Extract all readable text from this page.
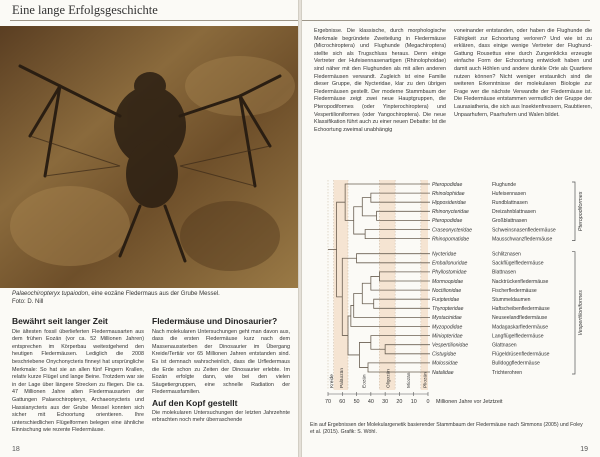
Eine lange Erfolgsgeschichte
Palaeochiropteryx tupaiodon, eine eozäne Fledermaus aus der Grube Messel.
Foto: D. Nill
Bewährt seit langer Zeit
Die ältesten fossil überlieferten Fledermausarten aus dem frühen Eozän (vor ca. 52 Millionen Jahren) entsprechen im Körperbau weitestgehend den heutigen Fledermäusen. Lediglich die 2008 beschriebene Onychonycteris finneyi hat ursprüngliche Merkmale: So hat sie an allen fünf Fingern Krallen, relativ kurze Flügel und lange Beine. Trotzdem war sie in der Lage über längere Strecken zu fliegen. Die ca. 47 Millionen Jahre alten Fledermausarten der Gattungen Palaeochiropteryx, Archaeonycteris und Hassianycteris aus der Grube Messel konnten sich sicher mit Echoortung orientieren. Ihre unterschiedlichen Flügelformen belegen eine ähnliche Einnischung wie rezente Fledermäuse.
Fledermäuse und Dinosaurier?
Nach molekularen Untersuchungen geht man davon aus, dass die ersten Fledermäuse kurz nach dem Massenaussterben der Dinosaurier im Übergang Kreide/Tertiär vor 65 Millionen Jahren entstanden sind. Es ist demnach wahrscheinlich, dass die Urfledermaus die Erde schon zu Zeiten der Dinosaurier erlebte. Im Eozän erfolgte dann, wie bei den vielen Säugetiergruppen, eine schnelle Radiation der Fledermausfamilien.
Auf den Kopf gestellt
Die molekularen Untersuchungen der letzten Jahrzehnte erbrachten noch mehr überraschende
18
Ergebnisse. Die klassische, durch morphologische Merkmale begründete Zweiteilung in Fledermäuse (Microchiroptera) und Flughunde (Megachiroptera) stellte sich als Trugschluss heraus. Denn einige Vertreter der Hufeisennasenartigen (Rhinolophoidae) sind näher mit den Flughunden als mit allen anderen Fledermäusen verwandt. Zugleich ist eine Familie dieser Gruppe, die Nycteridae, klar zu den übrigen Fledermäusen gestellt. Der moderne Stammbaum der Fledermäuse zeigt zwei neue Hauptgruppen, die Pteropodiformes (oder Yinpterochiroptera) und Vespertilioniformes (oder Yangochiroptera). Die neue Klassifikation führt auch zu einer neuen Debatte: Ist die Echoortung zweimal unabhängig
voneinander entstanden, oder haben die Flughunde die Fähigkeit zur Echoortung verloren? Und wie ist zu erklären, dass einige wenige Vertreter der Flughund-Gattung Rousettus eine durch Zungenklicks erzeugte einfache Form der Echoortung entwickelt haben und damit auch Höhlen und andere dunkle Orte als Quartiere nutzen können? Nicht weniger erstaunlich sind die weiteren Erkenntnisse der molekularen Biologie zur Frage wer die nächste Verwandte der Fledermäuse ist. Die Fledermäuse entstammen vermutlich der Gruppe der Laurasiatheria, die sich aus Insektenfressern, Raubtieren, Unpaarhufern, Paarhufern und Walen bildet.
Pteropodidae	Flughunde
Rhinolophidae	Hufeisennasen
Hipposideridae	Rundblattnasen
Rhinonycteridae	Dreizahnblattnasen
Pteropodidae	Großblattnasen
Craseonycteridae	Schweinsnasenfledermäuse
Rhinopomatidae	Mausschwanzfledermäuse
Nycteridae	Schlitznasen
Emballonuridae	Sackflügelfledermäuse
Phyllostomidae	Blattnasen
Mormoopidae	Nacktrückenfledermäuse
Noctilionidae	Fischerfledermäuse
Furipteridae	Stummeldaumen
Thyropteridae	Haftscheibenfledermäuse
Mystacinidae	Neuseelandfledermäuse
Myzopodidae	Madagaskarfledermäuse
Miniopteridae	Langflügelfledermäuse
Vespertilionidae	Glattnasen
Cistugidae	Flügeldrüsenfledermäuse
Molossidae	Bulldoggfledermäuse
Natalidae	Trichterohren
Pteropodiformes
Vespertilioniformes
Kreide Paläozän	Eozän	Oligozän	Miozän Pliozän
70 60 50 40 30 20 10 0 Millionen Jahre vor Jetztzeit
Ein auf Ergebnissen der Molekulargenetik basierender Stammbaum der Fledermäuse nach Simmons (2005) und Foley et al. (2015). Grafik: S. Wöhl.
19
